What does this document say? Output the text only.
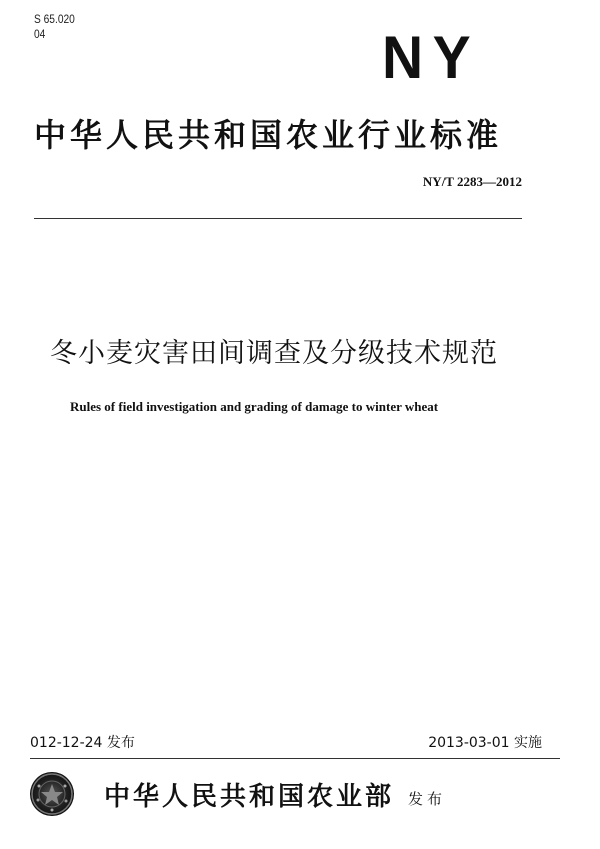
S 65.020
04	NY
中华人民共和国农业行业标准
NY/T 2283—2012
冬小麦灾害田间调查及分级技术规范
Rules of field investigation and grading of damage to winter wheat
012-12-24 发布	2013-03-01 实施
中华人民共和国农业部 发布
